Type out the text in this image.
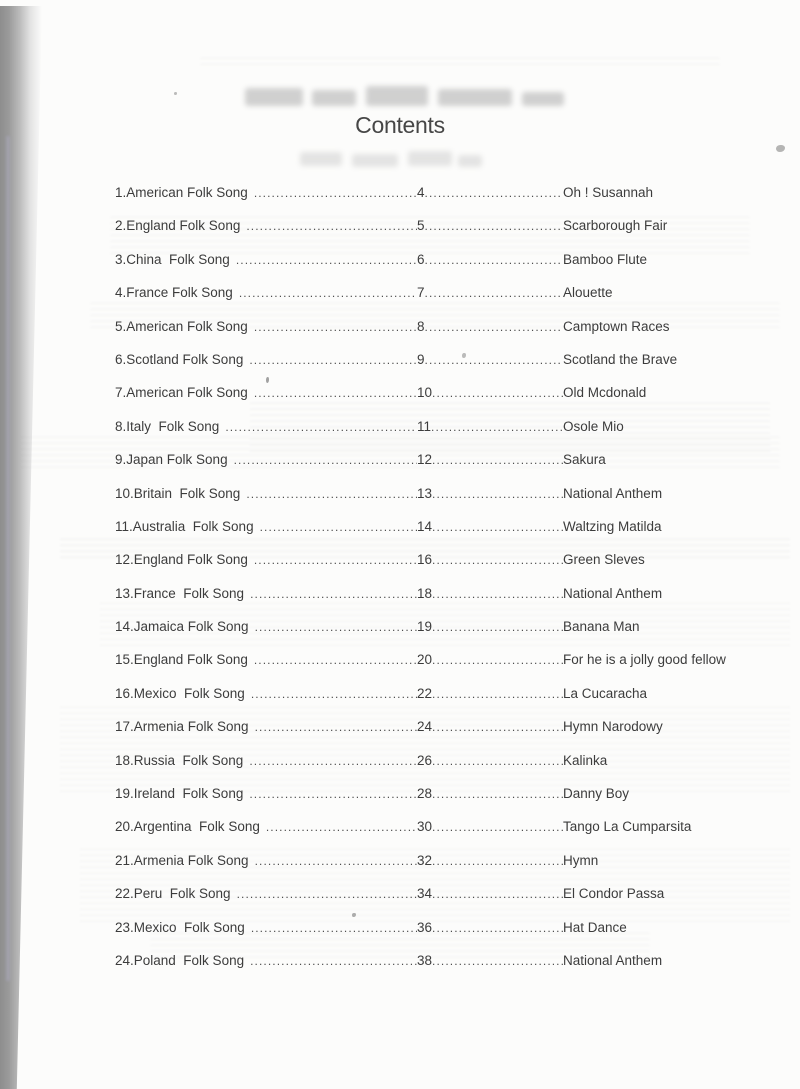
Contents
1.American Folk Song .....	4 .....	Oh ! Susannah
2.England Folk Song .....	5 .....	Scarborough Fair
3.China  Folk Song .....	6 .....	Bamboo Flute
4.France Folk Song .....	7 .....	Alouette
5.American Folk Song .....	8 .....	Camptown Races
6.Scotland Folk Song .....	9 .....	Scotland the Brave
7.American Folk Song .....	10 .....	Old Mcdonald
8.Italy  Folk Song .....	11 .....	Osole Mio
9.Japan Folk Song .....	12 .....	Sakura
10.Britain  Folk Song .....	13 .....	National Anthem
11.Australia  Folk Song .....	14 .....	Waltzing Matilda
12.England Folk Song .....	16 .....	Green Sleves
13.France  Folk Song .....	18 .....	National Anthem
14.Jamaica Folk Song .....	19 .....	Banana Man
15.England Folk Song .....	20 .....	For he is a jolly good fellow
16.Mexico  Folk Song .....	22 .....	La Cucaracha
17.Armenia Folk Song .....	24 .....	Hymn Narodowy
18.Russia  Folk Song .....	26 .....	Kalinka
19.Ireland  Folk Song .....	28 .....	Danny Boy
20.Argentina  Folk Song .....	30 .....	Tango La Cumparsita
21.Armenia Folk Song .....	32 .....	Hymn
22.Peru  Folk Song .....	34 .....	El Condor Passa
23.Mexico  Folk Song .....	36 .....	Hat Dance
24.Poland  Folk Song .....	38 .....	National Anthem
